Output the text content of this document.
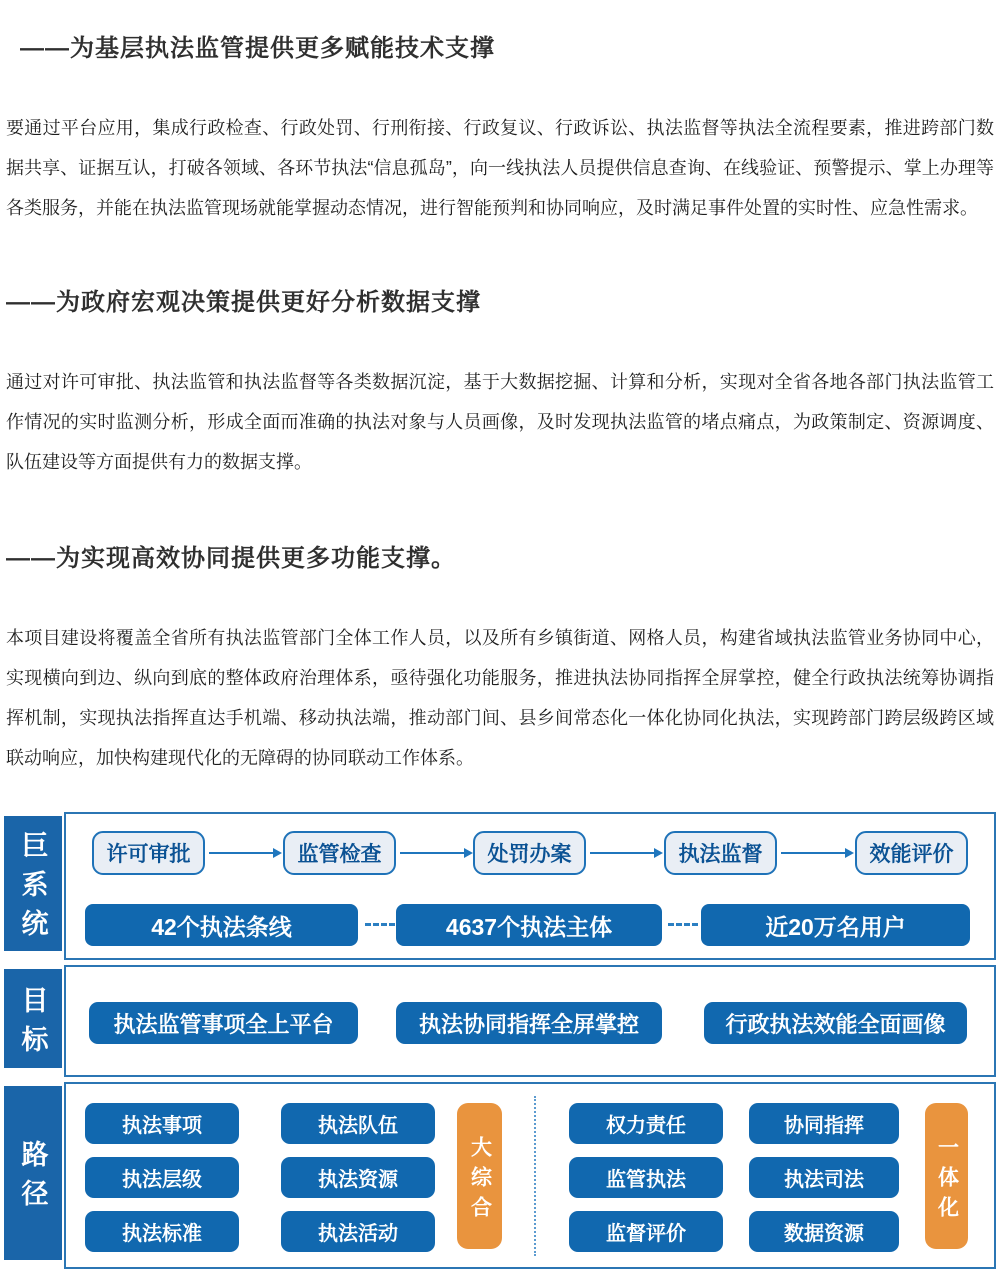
——为基层执法监管提供更多赋能技术支撑

要通过平台应用，集成行政检查、行政处罚、行刑衔接、行政复议、行政诉讼、执法监督等执法全流程要素，推进跨部门数据共享、证据互认，打破各领域、各环节执法“信息孤岛”，向一线执法人员提供信息查询、在线验证、预警提示、掌上办理等各类服务，并能在执法监管现场就能掌握动态情况，进行智能预判和协同响应，及时满足事件处置的实时性、应急性需求。

——为政府宏观决策提供更好分析数据支撑

通过对许可审批、执法监管和执法监督等各类数据沉淀，基于大数据挖掘、计算和分析，实现对全省各地各部门执法监管工作情况的实时监测分析，形成全面而准确的执法对象与人员画像，及时发现执法监管的堵点痛点，为政策制定、资源调度、队伍建设等方面提供有力的数据支撑。

——为实现高效协同提供更多功能支撑。

本项目建设将覆盖全省所有执法监管部门全体工作人员，以及所有乡镇街道、网格人员，构建省域执法监管业务协同中心，实现横向到边、纵向到底的整体政府治理体系，亟待强化功能服务，推进执法协同指挥全屏掌控，健全行政执法统筹协调指挥机制，实现执法指挥直达手机端、移动执法端，推动部门间、县乡间常态化一体化协同化执法，实现跨部门跨层级跨区域联动响应，加快构建现代化的无障碍的协同联动工作体系。

巨系统	许可审批	监管检查	处罚办案	执法监督	效能评价
42个执法条线	4637个执法主体	近20万名用户
目标	执法监管事项全上平台	执法协同指挥全屏掌控	行政执法效能全面画像
路径
执法事项	执法队伍
执法层级	执法资源
执法标准	执法活动
大综合
权力责任	协同指挥
监管执法	执法司法
监督评价	数据资源
一体化
